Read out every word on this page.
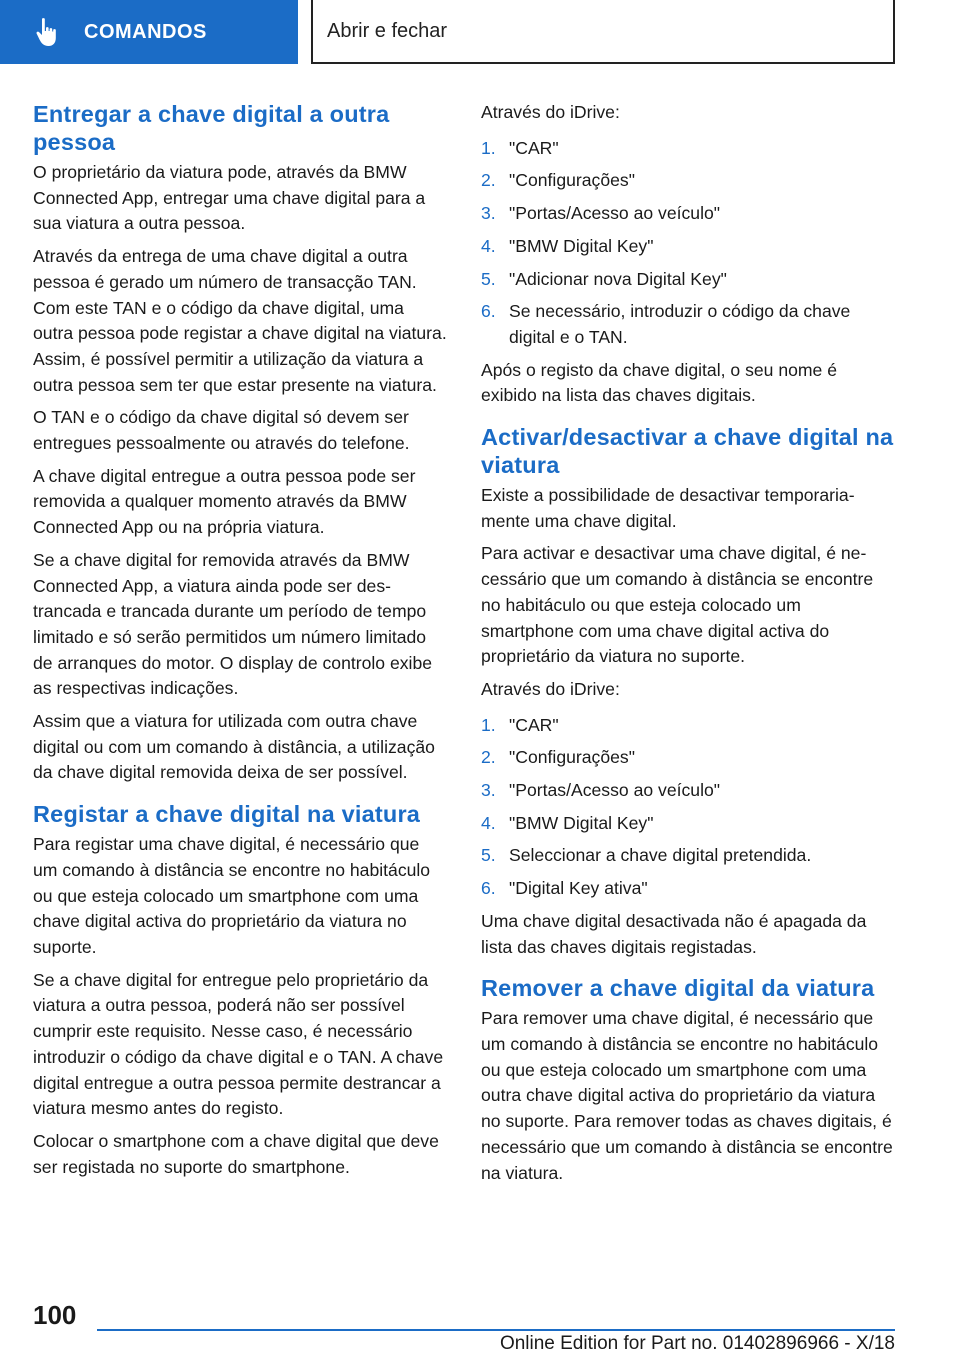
COMANDOS	Abrir e fechar
Entregar a chave digital a outra pessoa

O proprietário da viatura pode, através da BMW Connected App, entregar uma chave digital para a sua viatura a outra pessoa.

Através da entrega de uma chave digital a outra pessoa é gerado um número de transacção TAN. Com este TAN e o código da chave digital, uma outra pessoa pode registar a chave digital na viatura. Assim, é possível permitir a utilização da viatura a outra pessoa sem ter que estar presente na viatura.

O TAN e o código da chave digital só devem ser entregues pessoalmente ou através do telefone.

A chave digital entregue a outra pessoa pode ser removida a qualquer momento através da BMW Connected App ou na própria viatura.

Se a chave digital for removida através da BMW Connected App, a viatura ainda pode ser destrancada e trancada durante um período de tempo limitado e só serão permitidos um número limitado de arranques do motor. O display de controlo exibe as respectivas indicações.

Assim que a viatura for utilizada com outra chave digital ou com um comando à distância, a utilização da chave digital removida deixa de ser possível.

Registar a chave digital na viatura

Para registar uma chave digital, é necessário que um comando à distância se encontre no habitáculo ou que esteja colocado um smartphone com uma chave digital activa do proprietário da viatura no suporte.

Se a chave digital for entregue pelo proprietário da viatura a outra pessoa, poderá não ser possível cumprir este requisito. Nesse caso, é necessário introduzir o código da chave digital e o TAN. A chave digital entregue a outra pessoa permite destrancar a viatura mesmo antes do registo.

Colocar o smartphone com a chave digital que deve ser registada no suporte do smartphone.

Através do iDrive:

1. "CAR"
2. "Configurações"
3. "Portas/Acesso ao veículo"
4. "BMW Digital Key"
5. "Adicionar nova Digital Key"
6. Se necessário, introduzir o código da chave digital e o TAN.

Após o registo da chave digital, o seu nome é exibido na lista das chaves digitais.

Activar/desactivar a chave digital na viatura

Existe a possibilidade de desactivar temporariamente uma chave digital.

Para activar e desactivar uma chave digital, é necessário que um comando à distância se encontre no habitáculo ou que esteja colocado um smartphone com uma chave digital activa do proprietário da viatura no suporte.

Através do iDrive:

1. "CAR"
2. "Configurações"
3. "Portas/Acesso ao veículo"
4. "BMW Digital Key"
5. Seleccionar a chave digital pretendida.
6. "Digital Key ativa"

Uma chave digital desactivada não é apagada da lista das chaves digitais registadas.

Remover a chave digital da viatura

Para remover uma chave digital, é necessário que um comando à distância se encontre no habitáculo ou que esteja colocado um smartphone com uma outra chave digital activa do proprietário da viatura no suporte. Para remover todas as chaves digitais, é necessário que um comando à distância se encontre na viatura.

100
Online Edition for Part no. 01402896966 - X/18
